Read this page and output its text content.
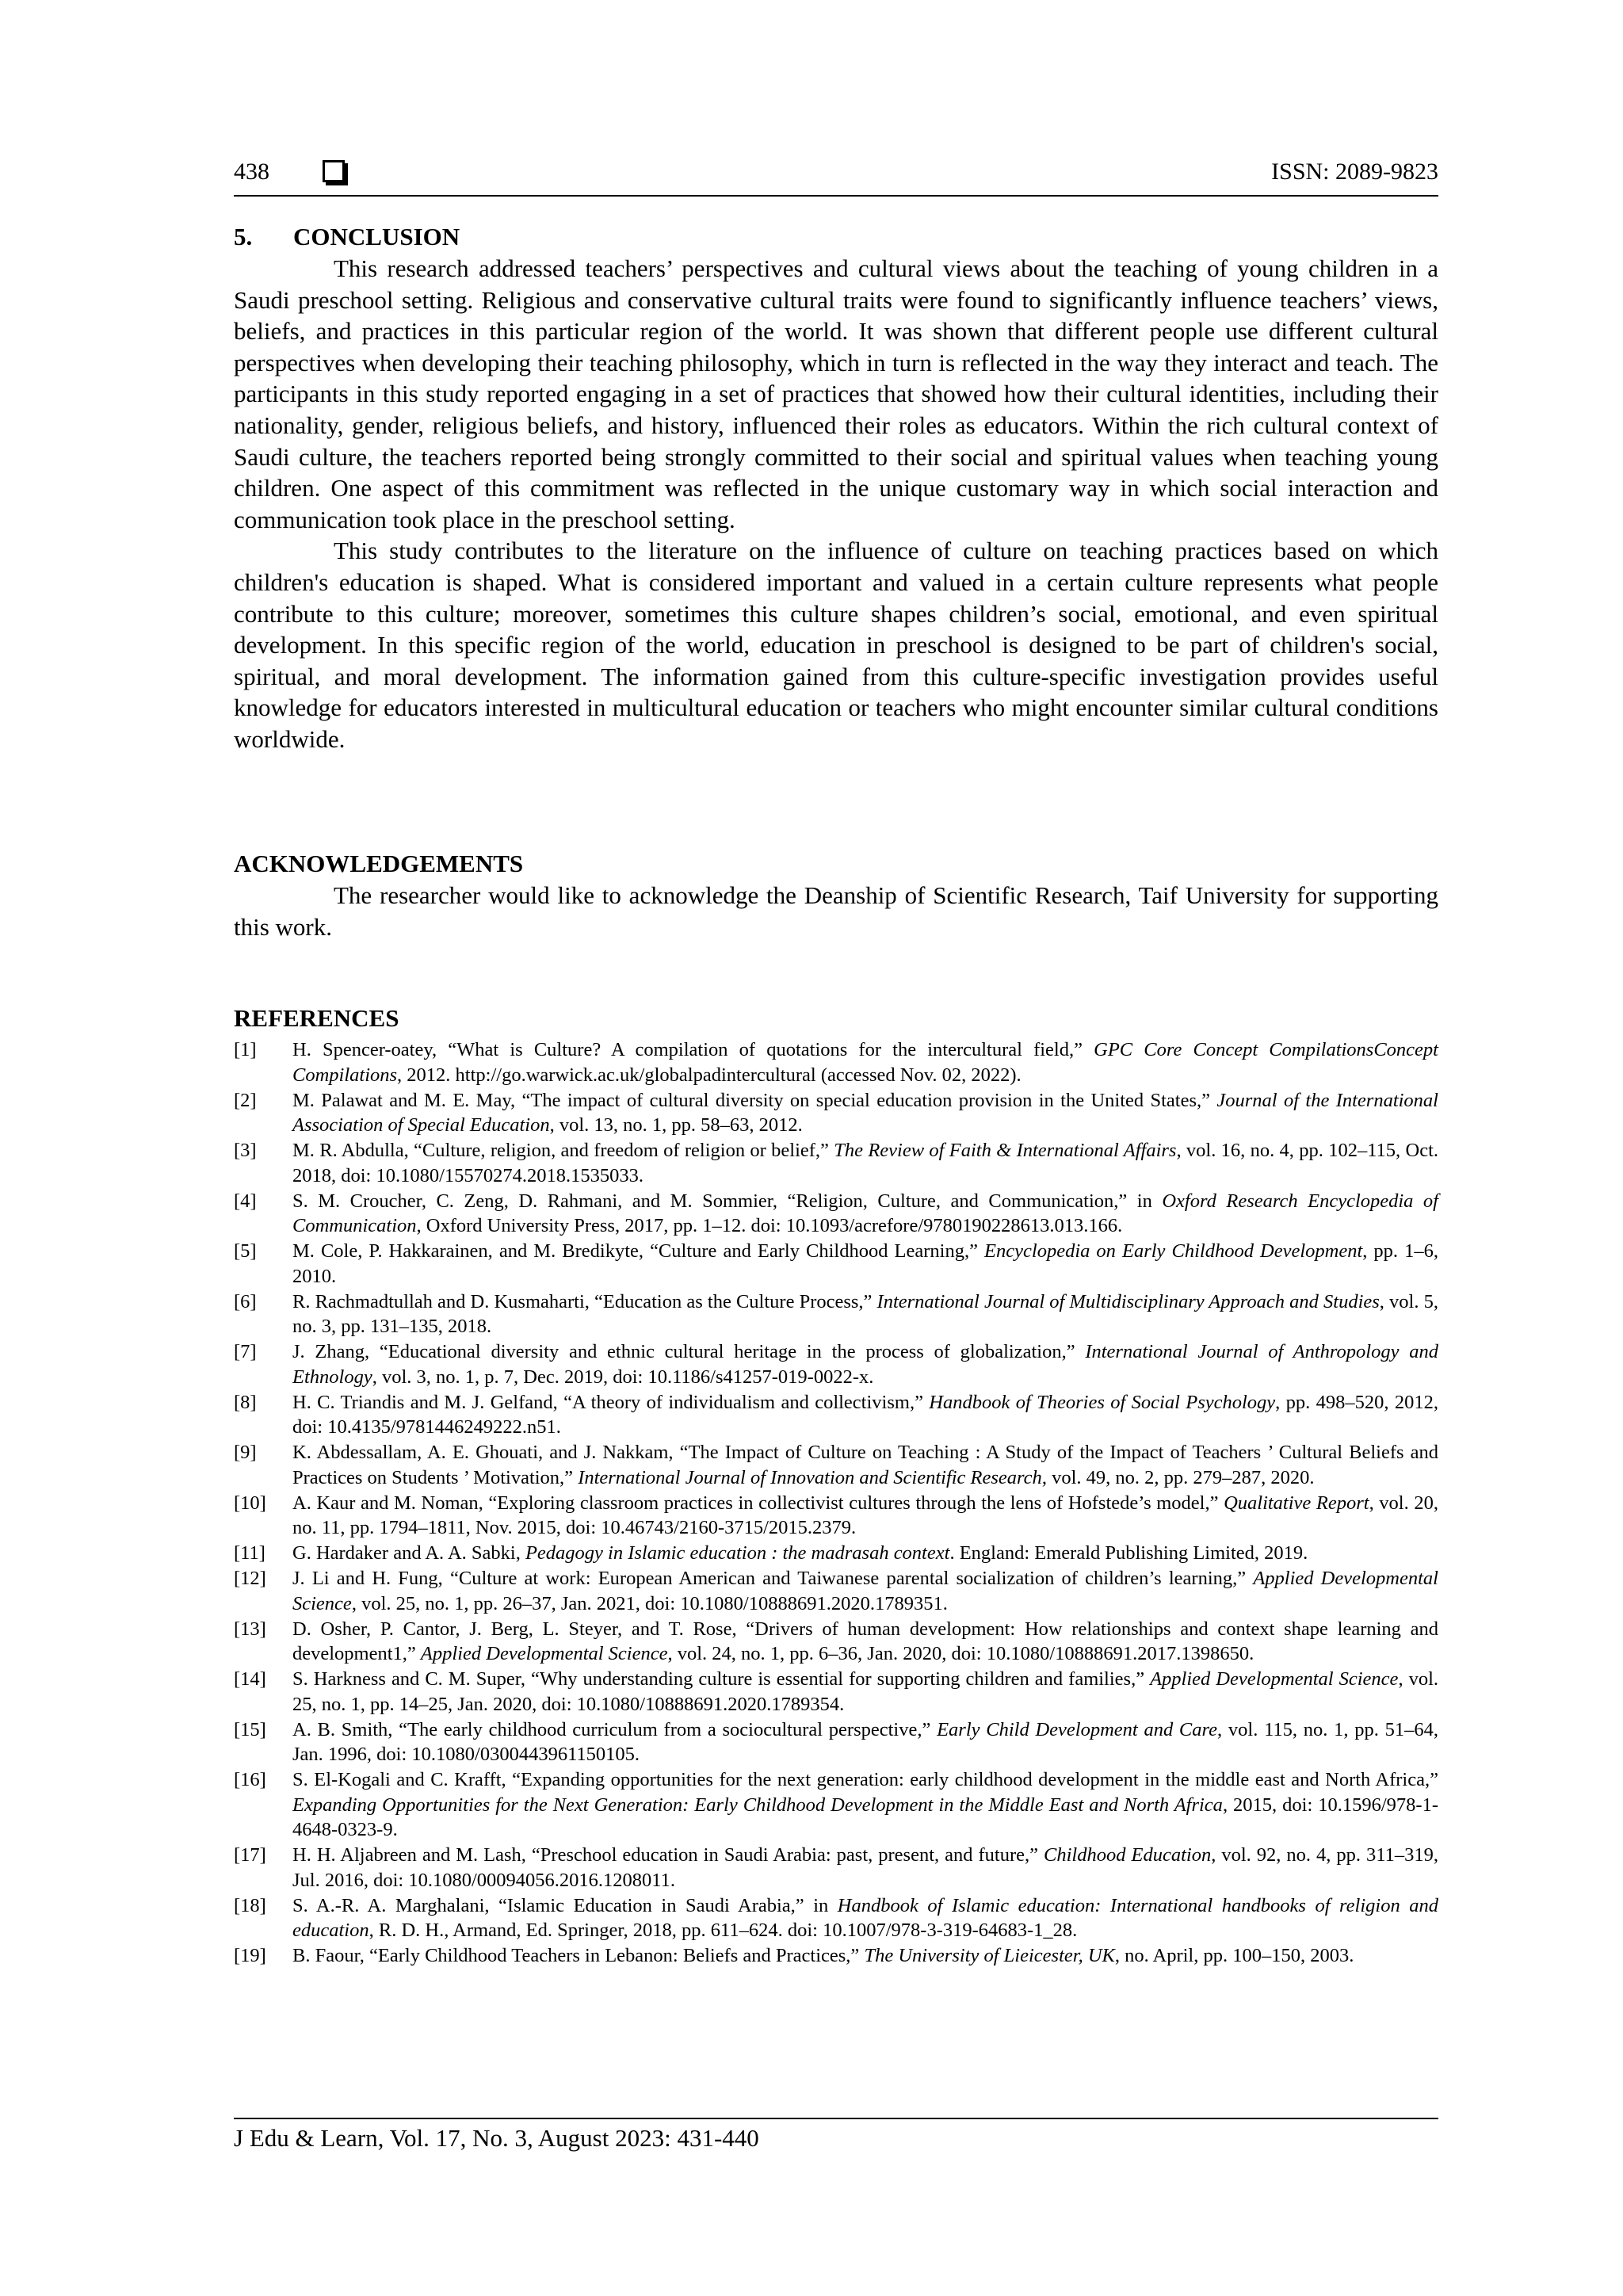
438	ISSN: 2089-9823
5. CONCLUSION

This research addressed teachers’ perspectives and cultural views about the teaching of young children in a Saudi preschool setting. Religious and conservative cultural traits were found to significantly influence teachers’ views, beliefs, and practices in this particular region of the world. It was shown that different people use different cultural perspectives when developing their teaching philosophy, which in turn is reflected in the way they interact and teach. The participants in this study reported engaging in a set of practices that showed how their cultural identities, including their nationality, gender, religious beliefs, and history, influenced their roles as educators. Within the rich cultural context of Saudi culture, the teachers reported being strongly committed to their social and spiritual values when teaching young children. One aspect of this commitment was reflected in the unique customary way in which social interaction and communication took place in the preschool setting.

This study contributes to the literature on the influence of culture on teaching practices based on which children's education is shaped. What is considered important and valued in a certain culture represents what people contribute to this culture; moreover, sometimes this culture shapes children’s social, emotional, and even spiritual development. In this specific region of the world, education in preschool is designed to be part of children's social, spiritual, and moral development. The information gained from this culture-specific investigation provides useful knowledge for educators interested in multicultural education or teachers who might encounter similar cultural conditions worldwide.

ACKNOWLEDGEMENTS

The researcher would like to acknowledge the Deanship of Scientific Research, Taif University for supporting this work.

REFERENCES
[1] H. Spencer-oatey, “What is Culture? A compilation of quotations for the intercultural field,” GPC Core Concept CompilationsConcept Compilations, 2012. http://go.warwick.ac.uk/globalpadintercultural (accessed Nov. 02, 2022).
[2] M. Palawat and M. E. May, “The impact of cultural diversity on special education provision in the United States,” Journal of the International Association of Special Education, vol. 13, no. 1, pp. 58–63, 2012.
[3] M. R. Abdulla, “Culture, religion, and freedom of religion or belief,” The Review of Faith & International Affairs, vol. 16, no. 4, pp. 102–115, Oct. 2018, doi: 10.1080/15570274.2018.1535033.
[4] S. M. Croucher, C. Zeng, D. Rahmani, and M. Sommier, “Religion, Culture, and Communication,” in Oxford Research Encyclopedia of Communication, Oxford University Press, 2017, pp. 1–12. doi: 10.1093/acrefore/9780190228613.013.166.
[5] M. Cole, P. Hakkarainen, and M. Bredikyte, “Culture and Early Childhood Learning,” Encyclopedia on Early Childhood Development, pp. 1–6, 2010.
[6] R. Rachmadtullah and D. Kusmaharti, “Education as the Culture Process,” International Journal of Multidisciplinary Approach and Studies, vol. 5, no. 3, pp. 131–135, 2018.
[7] J. Zhang, “Educational diversity and ethnic cultural heritage in the process of globalization,” International Journal of Anthropology and Ethnology, vol. 3, no. 1, p. 7, Dec. 2019, doi: 10.1186/s41257-019-0022-x.
[8] H. C. Triandis and M. J. Gelfand, “A theory of individualism and collectivism,” Handbook of Theories of Social Psychology, pp. 498–520, 2012, doi: 10.4135/9781446249222.n51.
[9] K. Abdessallam, A. E. Ghouati, and J. Nakkam, “The Impact of Culture on Teaching : A Study of the Impact of Teachers ’ Cultural Beliefs and Practices on Students ’ Motivation,” International Journal of Innovation and Scientific Research, vol. 49, no. 2, pp. 279–287, 2020.
[10] A. Kaur and M. Noman, “Exploring classroom practices in collectivist cultures through the lens of Hofstede’s model,” Qualitative Report, vol. 20, no. 11, pp. 1794–1811, Nov. 2015, doi: 10.46743/2160-3715/2015.2379.
[11] G. Hardaker and A. A. Sabki, Pedagogy in Islamic education : the madrasah context. England: Emerald Publishing Limited, 2019.
[12] J. Li and H. Fung, “Culture at work: European American and Taiwanese parental socialization of children’s learning,” Applied Developmental Science, vol. 25, no. 1, pp. 26–37, Jan. 2021, doi: 10.1080/10888691.2020.1789351.
[13] D. Osher, P. Cantor, J. Berg, L. Steyer, and T. Rose, “Drivers of human development: How relationships and context shape learning and development1,” Applied Developmental Science, vol. 24, no. 1, pp. 6–36, Jan. 2020, doi: 10.1080/10888691.2017.1398650.
[14] S. Harkness and C. M. Super, “Why understanding culture is essential for supporting children and families,” Applied Developmental Science, vol. 25, no. 1, pp. 14–25, Jan. 2020, doi: 10.1080/10888691.2020.1789354.
[15] A. B. Smith, “The early childhood curriculum from a sociocultural perspective,” Early Child Development and Care, vol. 115, no. 1, pp. 51–64, Jan. 1996, doi: 10.1080/0300443961150105.
[16] S. El-Kogali and C. Krafft, “Expanding opportunities for the next generation: early childhood development in the middle east and North Africa,” Expanding Opportunities for the Next Generation: Early Childhood Development in the Middle East and North Africa, 2015, doi: 10.1596/978-1-4648-0323-9.
[17] H. H. Aljabreen and M. Lash, “Preschool education in Saudi Arabia: past, present, and future,” Childhood Education, vol. 92, no. 4, pp. 311–319, Jul. 2016, doi: 10.1080/00094056.2016.1208011.
[18] S. A.-R. A. Marghalani, “Islamic Education in Saudi Arabia,” in Handbook of Islamic education: International handbooks of religion and education, R. D. H., Armand, Ed. Springer, 2018, pp. 611–624. doi: 10.1007/978-3-319-64683-1_28.
[19] B. Faour, “Early Childhood Teachers in Lebanon: Beliefs and Practices,” The University of Lieicester, UK, no. April, pp. 100–150, 2003.
J Edu & Learn, Vol. 17, No. 3, August 2023: 431-440
